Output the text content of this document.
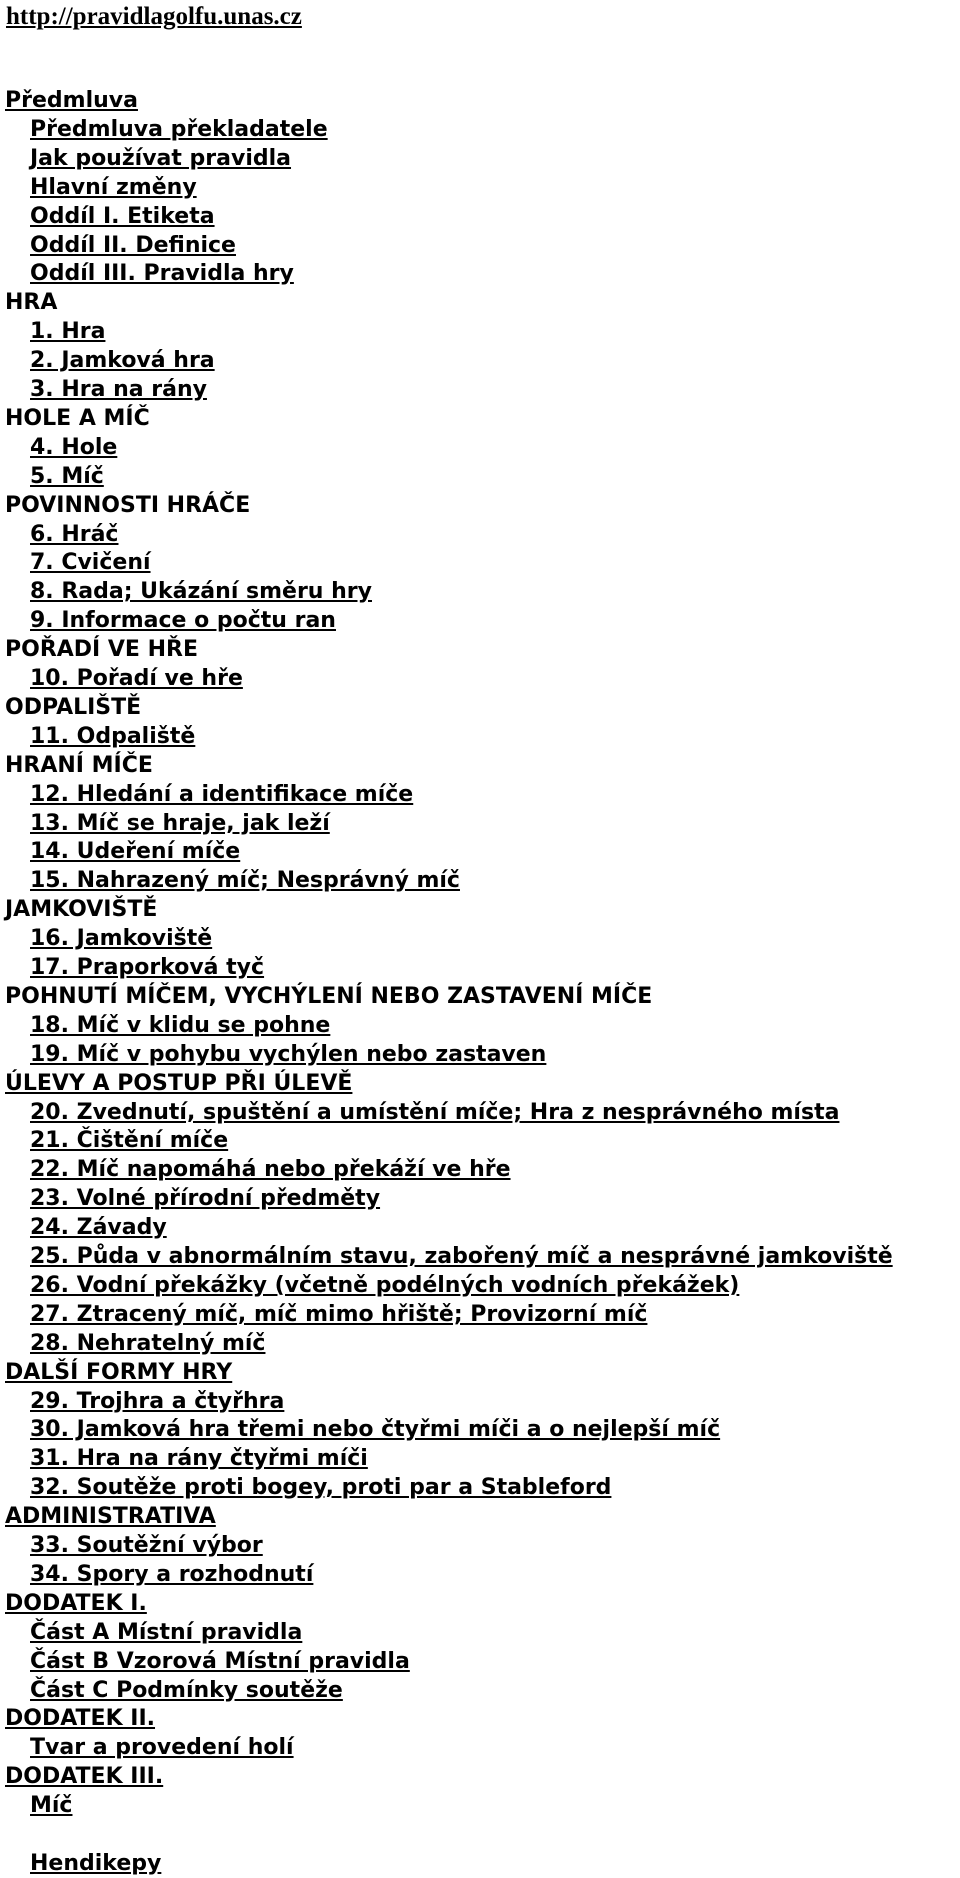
http://pravidlagolfu.unas.cz
Předmluva
Předmluva překladatele
Jak používat pravidla
Hlavní změny
Oddíl I. Etiketa
Oddíl II. Definice
Oddíl III. Pravidla hry
HRA
1. Hra
2. Jamková hra
3. Hra na rány
HOLE A MÍČ
4. Hole
5. Míč
POVINNOSTI HRÁČE
6. Hráč
7. Cvičení
8. Rada; Ukázání směru hry
9. Informace o počtu ran
POŘADÍ VE HŘE
10. Pořadí ve hře
ODPALIŠTĚ
11. Odpaliště
HRANÍ MÍČE
12. Hledání a identifikace míče
13. Míč se hraje, jak leží
14. Udeření míče
15. Nahrazený míč; Nesprávný míč
JAMKOVIŠTĚ
16. Jamkoviště
17. Praporková tyč
POHNUTÍ MÍČEM, VYCHÝLENÍ NEBO ZASTAVENÍ MÍČE
18. Míč v klidu se pohne
19. Míč v pohybu vychýlen nebo zastaven
ÚLEVY A POSTUP PŘI ÚLEVĚ
20. Zvednutí, spuštění a umístění míče; Hra z nesprávného místa
21. Čištění míče
22. Míč napomáhá nebo překáží ve hře
23. Volné přírodní předměty
24. Závady
25. Půda v abnormálním stavu, zabořený míč a nesprávné jamkoviště
26. Vodní překážky (včetně podélných vodních překážek)
27. Ztracený míč, míč mimo hřiště; Provizorní míč
28. Nehratelný míč
DALŠÍ FORMY HRY
29. Trojhra a čtyřhra
30. Jamková hra třemi nebo čtyřmi míči a o nejlepší míč
31. Hra na rány čtyřmi míči
32. Soutěže proti bogey, proti par a Stableford
ADMINISTRATIVA
33. Soutěžní výbor
34. Spory a rozhodnutí
DODATEK I.
Část A Místní pravidla
Část B Vzorová Místní pravidla
Část C Podmínky soutěže
DODATEK II.
Tvar a provedení holí
DODATEK III.
Míč
Hendikepy
